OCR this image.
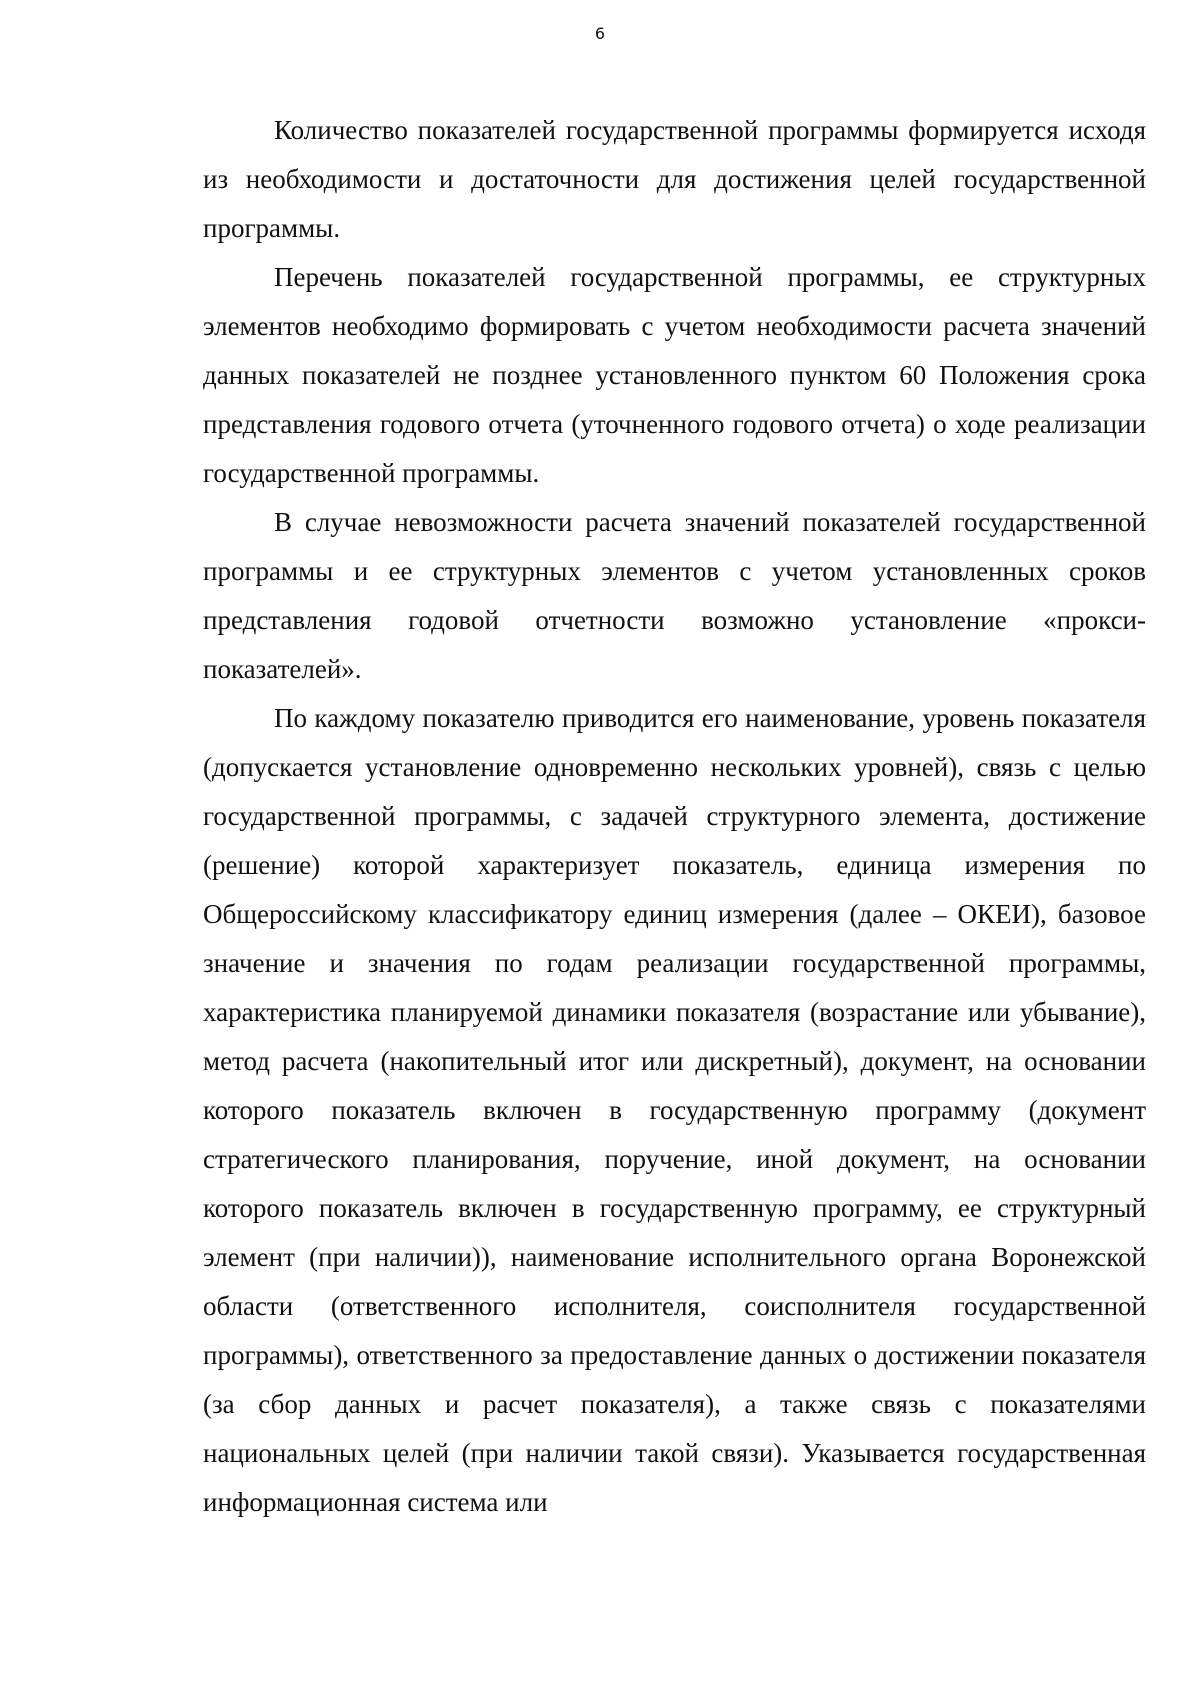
6

Количество показателей государственной программы формируется исходя из необходимости и достаточности для достижения целей государственной программы.

Перечень показателей государственной программы, ее структурных элементов необходимо формировать с учетом необходимости расчета значений данных показателей не позднее установленного пунктом 60 Положения срока представления годового отчета (уточненного годового отчета) о ходе реализации государственной программы.

В случае невозможности расчета значений показателей государственной программы и ее структурных элементов с учетом установленных сроков представления годовой отчетности возможно установление «прокси-показателей».

По каждому показателю приводится его наименование, уровень показателя (допускается установление одновременно нескольких уровней), связь с целью государственной программы, с задачей структурного элемента, достижение (решение) которой характеризует показатель, единица измерения по Общероссийскому классификатору единиц измерения (далее – ОКЕИ), базовое значение и значения по годам реализации государственной программы, характеристика планируемой динамики показателя (возрастание или убывание), метод расчета (накопительный итог или дискретный), документ, на основании которого показатель включен в государственную программу (документ стратегического планирования, поручение, иной документ, на основании которого показатель включен в государственную программу, ее структурный элемент (при наличии)), наименование исполнительного органа Воронежской области (ответственного исполнителя, соисполнителя государственной программы), ответственного за предоставление данных о достижении показателя (за сбор данных и расчет показателя), а также связь с показателями национальных целей (при наличии такой связи). Указывается государственная информационная система или
